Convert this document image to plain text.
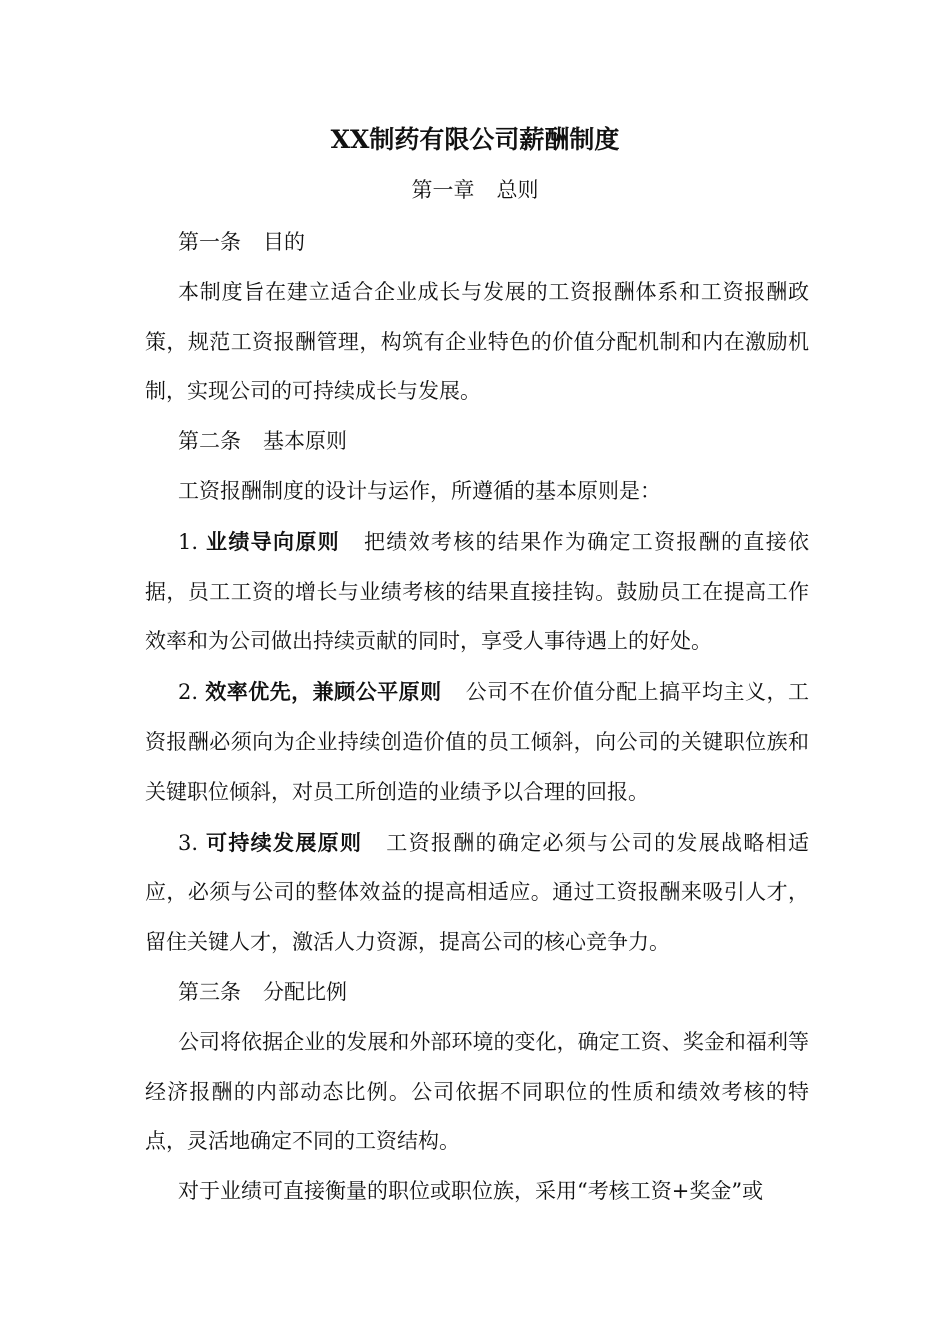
XX制药有限公司薪酬制度
第一章 总则

第一条 目的

本制度旨在建立适合企业成长与发展的工资报酬体系和工资报酬政策，规范工资报酬管理，构筑有企业特色的价值分配机制和内在激励机制，实现公司的可持续成长与发展。

第二条 基本原则

工资报酬制度的设计与运作，所遵循的基本原则是：

1. 业绩导向原则 把绩效考核的结果作为确定工资报酬的直接依据，员工工资的增长与业绩考核的结果直接挂钩。鼓励员工在提高工作效率和为公司做出持续贡献的同时，享受人事待遇上的好处。

2. 效率优先，兼顾公平原则 公司不在价值分配上搞平均主义，工资报酬必须向为企业持续创造价值的员工倾斜，向公司的关键职位族和关键职位倾斜，对员工所创造的业绩予以合理的回报。

3. 可持续发展原则 工资报酬的确定必须与公司的发展战略相适应，必须与公司的整体效益的提高相适应。通过工资报酬来吸引人才，留住关键人才，激活人力资源，提高公司的核心竞争力。

第三条 分配比例

公司将依据企业的发展和外部环境的变化，确定工资、奖金和福利等经济报酬的内部动态比例。公司依据不同职位的性质和绩效考核的特点，灵活地确定不同的工资结构。

对于业绩可直接衡量的职位或职位族，采用“考核工资+奖金”或
